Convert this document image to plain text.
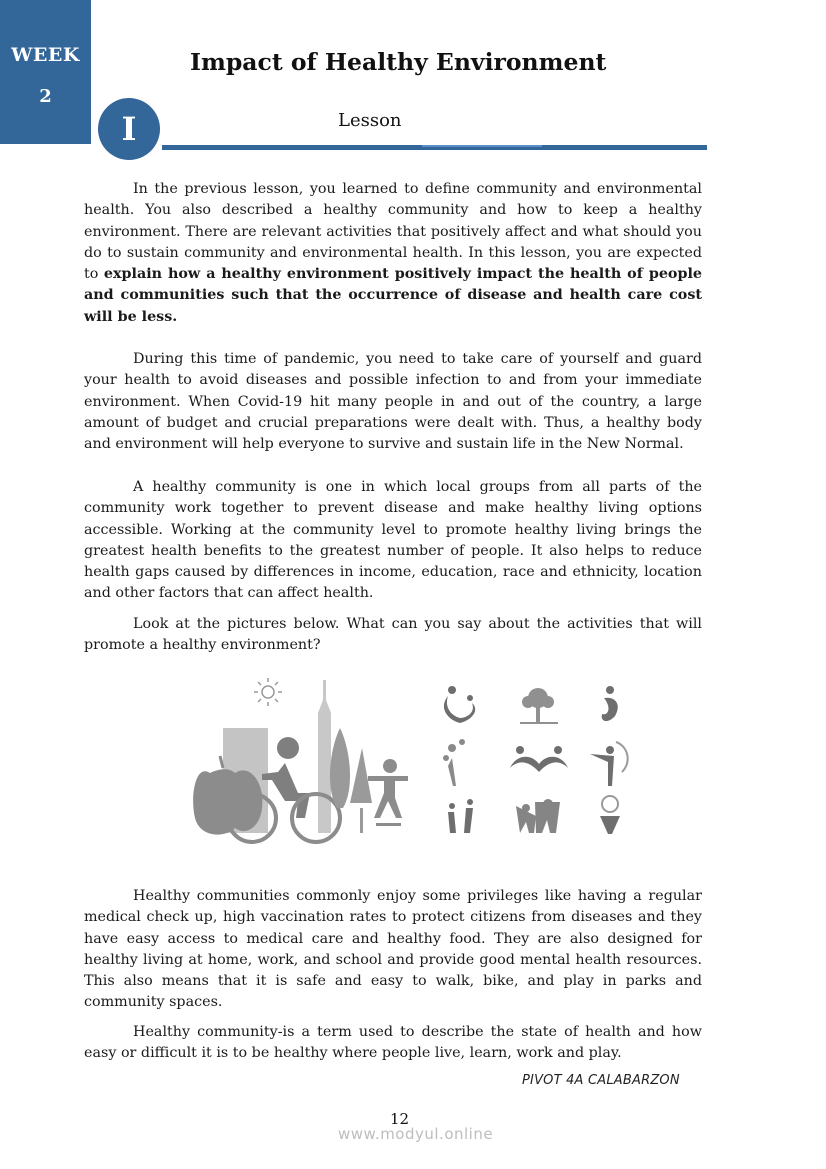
WEEK
2
Impact of Healthy Environment
I	Lesson

In the previous lesson, you learned to define community and environmental health. You also described a healthy community and how to keep a healthy environment. There are relevant activities that positively affect and what should you do to sustain community and environmental health. In this lesson, you are expected to explain how a healthy environment positively impact the health of people and communities such that the occurrence of disease and health care cost will be less.

During this time of pandemic, you need to take care of yourself and guard your health to avoid diseases and possible infection to and from your immediate environment. When Covid-19 hit many people in and out of the country, a large amount of budget and crucial preparations were dealt with. Thus, a healthy body and environment will help everyone to survive and sustain life in the New Normal.

A healthy community is one in which local groups from all parts of the community work together to prevent disease and make healthy living options accessible. Working at the community level to promote healthy living brings the greatest health benefits to the greatest number of people. It also helps to reduce health gaps caused by differences in income, education, race and ethnicity, location and other factors that can affect health.

Look at the pictures below. What can you say about the activities that will promote a healthy environment?

Healthy communities commonly enjoy some privileges like having a regular medical check up, high vaccination rates to protect citizens from diseases and they have easy access to medical care and healthy food. They are also designed for healthy living at home, work, and school and provide good mental health resources. This also means that it is safe and easy to walk, bike, and play in parks and community spaces.

Healthy community-is a term used to describe the state of health and how easy or difficult it is to be healthy where people live, learn, work and play.

PIVOT 4A CALABARZON
12
www.modyul.online
